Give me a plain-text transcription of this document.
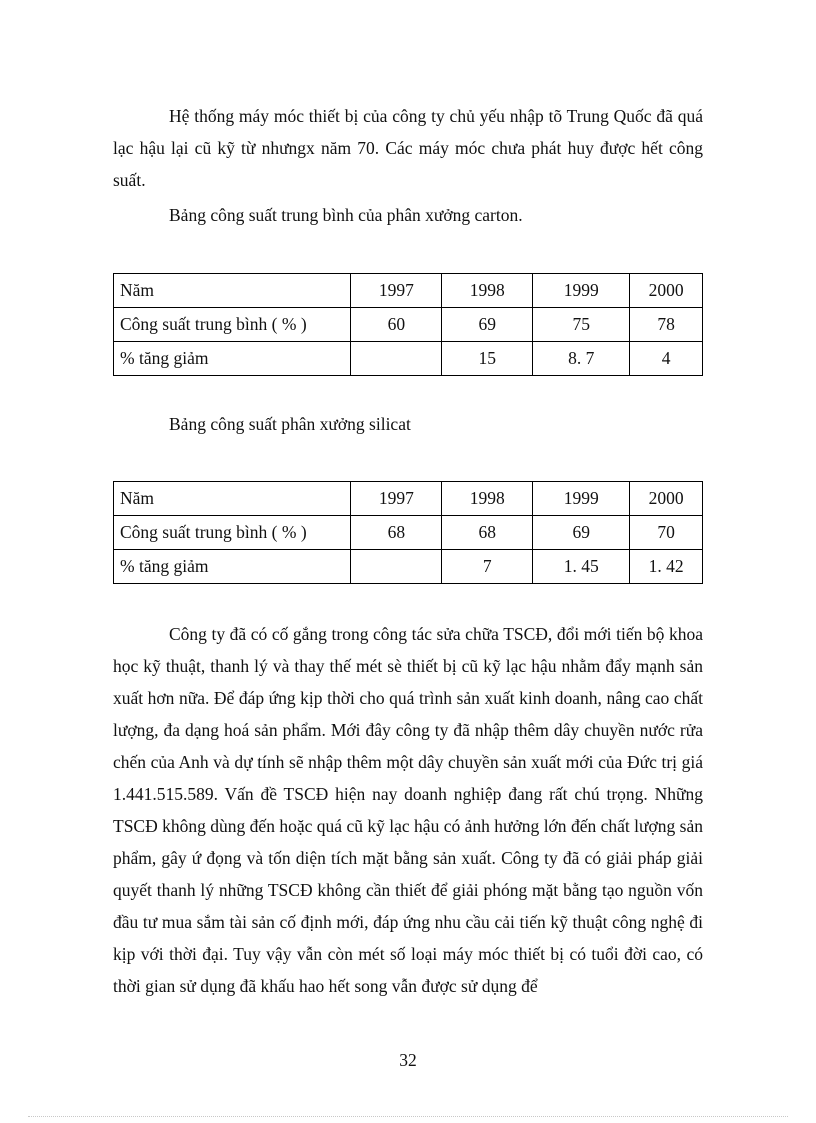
Hệ thống máy móc thiết bị của công ty chủ yếu nhập tõ Trung Quốc đã quá lạc hậu lại cũ kỹ từ nhưngx năm 70. Các máy móc chưa phát huy được hết công suất.

Bảng công suất trung bình của phân xưởng carton.

Năm	1997	1998	1999	2000
Công suất trung bình ( % )	60	69	75	78
% tăng giảm		15	8. 7	4

Bảng công suất phân xưởng silicat

Năm	1997	1998	1999	2000
Công suất trung bình ( % )	68	68	69	70
% tăng giảm		7	1. 45	1. 42

Công ty đã có cố gắng trong công tác sửa chữa TSCĐ, đổi mới tiến bộ khoa học kỹ thuật, thanh lý và thay thế mét sè thiết bị cũ kỹ lạc hậu nhằm đẩy mạnh sản xuất hơn nữa. Để đáp ứng kịp thời cho quá trình sản xuất kinh doanh, nâng cao chất lượng, đa dạng hoá sản phẩm. Mới đây công ty đã nhập thêm dây chuyền nước rửa chến của Anh và dự tính sẽ nhập thêm một dây chuyền sản xuất mới của Đức trị giá 1.441.515.589. Vấn đề TSCĐ hiện nay doanh nghiệp đang rất chú trọng. Những TSCĐ không dùng đến hoặc quá cũ kỹ lạc hậu có ảnh hưởng lớn đến chất lượng sản phẩm, gây ứ đọng và tốn diện tích mặt bằng sản xuất. Công ty đã có giải pháp giải quyết thanh lý những TSCĐ không cần thiết để giải phóng mặt bằng tạo nguồn vốn đầu tư mua sắm tài sản cố định mới, đáp ứng nhu cầu cải tiến kỹ thuật công nghệ đi kịp với thời đại. Tuy vậy vẫn còn mét số loại máy móc thiết bị có tuổi đời cao, có thời gian sử dụng đã khấu hao hết song vẫn được sử dụng để

32
